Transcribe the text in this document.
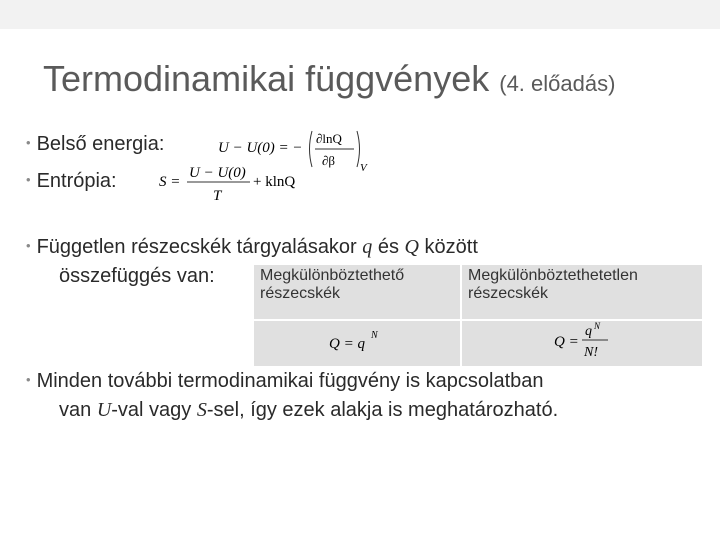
Termodinamikai függvények (4. előadás)
• Belső energia:	U − U(0) = −
∂lnQ
∂β V
• Entrópia:	S =
U − U(0)
T
+ klnQ
• Független részecskék tárgyalásakor q és Q között
összefüggés van:	Megkülönböztethető részecskék	Megkülönböztethetetlen részecskék

Q = q
N	Q =
q N
N!
• Minden további termodinamikai függvény is kapcsolatban
van U-val vagy S-sel, így ezek alakja is meghatározható.
